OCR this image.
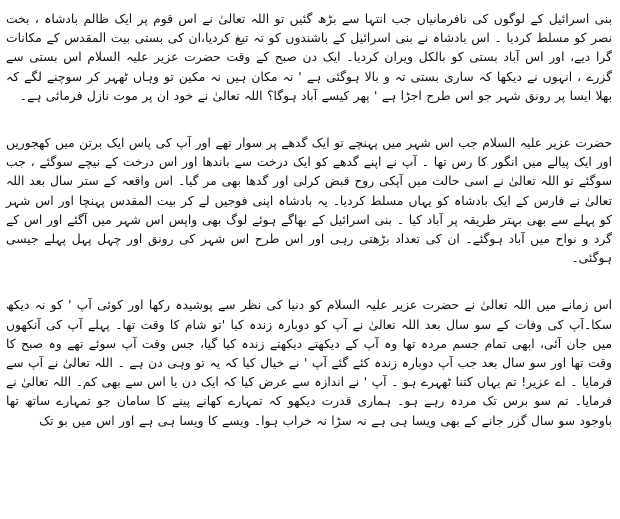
بنی اسرائیل کے لوگوں کی نافرمانیاں جب انتہا سے بڑھ گئیں تو اللہ تعالیٰ نے اس قوم پر ایک ظالم بادشاہ ، بخت نصر کو مسلط کردیا ۔ اس بادشاہ نے بنی اسرائیل کے باشندوں کو تہ تیغ کردیا،ان کی بستی بیت المقدس کے مکانات گرا دیے، اور اس آباد بستی کو بالکل ویران کردیا۔ ایک دن صبح کے وقت حضرت عزیر علیہ السلام اس بستی سے گزرے ، انہوں نے دیکھا کہ ساری بستی تہ و بالا ہوگئی ہے ' نہ مکان ہیں نہ مکین تو وہاں ٹھہر کر سوچنے لگے کہ بھلا ایسا پر رونق شہر جو اس طرح اجڑا ہے ' پھر کیسے آباد ہوگا؟ اللہ تعالیٰ نے خود ان پر موت نازل فرمائی ہے۔

حضرت عزیر علیہ السلام جب اس شہر میں پہنچے تو ایک گدھے پر سوار تھے اور آپ کی پاس ایک برتن میں کھجوریں اور ایک پیالے میں انگور کا رس تھا ۔ آپ نے اپنے گدھے کو ایک درخت سے باندھا اور اس درخت کے نیچے سوگئے ، جب سوگئے تو اللہ تعالیٰ نے اسی حالت میں آپکی روح قبض کرلی اور گدھا بھی مر گیا۔ اس واقعہ کے ستر سال بعد اللہ تعالیٰ نے فارس کے ایک بادشاہ کو یہاں مسلط کردیا۔ یہ بادشاہ اپنی فوجیں لے کر بیت المقدس پہنچا اور اس شہر کو پہلے سے بھی بہتر طریقہ پر آباد کیا ۔ بنی اسرائیل کے بھاگے ہوئے لوگ بھی واپس اس شہر میں آگئے اور اس کے گرد و نواح میں آباد ہوگئے۔ ان کی تعداد بڑھتی رہی اور اس طرح اس شہر کی رونق اور چہل پہل پہلے جیسی ہوگئی۔

اس زمانے میں اللہ تعالیٰ نے حضرت عزیر علیہ السلام کو دنیا کی نظر سے پوشیدہ رکھا اور کوئی آپ ' کو نہ دیکھ سکا۔آپ کی وفات کے سو سال بعد اللہ تعالیٰ نے آپ کو دوبارہ زندہ کیا 'تو شام کا وقت تھا۔ پہلے آپ کی آنکھوں میں جان آئی، ابھی تمام جسم مردہ تھا وہ آپ کے دیکھتے دیکھتے زندہ کیا گیا، جس وقت آپ سوئے تھے وہ صبح کا وقت تھا اور سو سال بعد جب آپ دوبارہ زندہ کئے گئے آپ ' نے خیال کیا کہ یہ تو وہی دن ہے ۔ اللہ تعالیٰ نے آپ سے فرمایا ۔ اے عزیر! تم یہاں کتنا ٹھہرے ہو ۔ آپ ' نے اندازہ سے عرض کیا کہ ایک دن یا اس سے بھی کم۔ اللہ تعالیٰ نے فرمایا۔ تم سو برس تک مردہ رہے ہو۔ ہماری قدرت دیکھو کہ تمہارے کھانے پینے کا سامان جو تمہارے ساتھ تھا باوجود سو سال گزر جانے کے بھی ویسا ہی ہے نہ سڑا نہ خراب ہوا۔ ویسے کا ویسا ہی ہے اور اس میں بو تک
